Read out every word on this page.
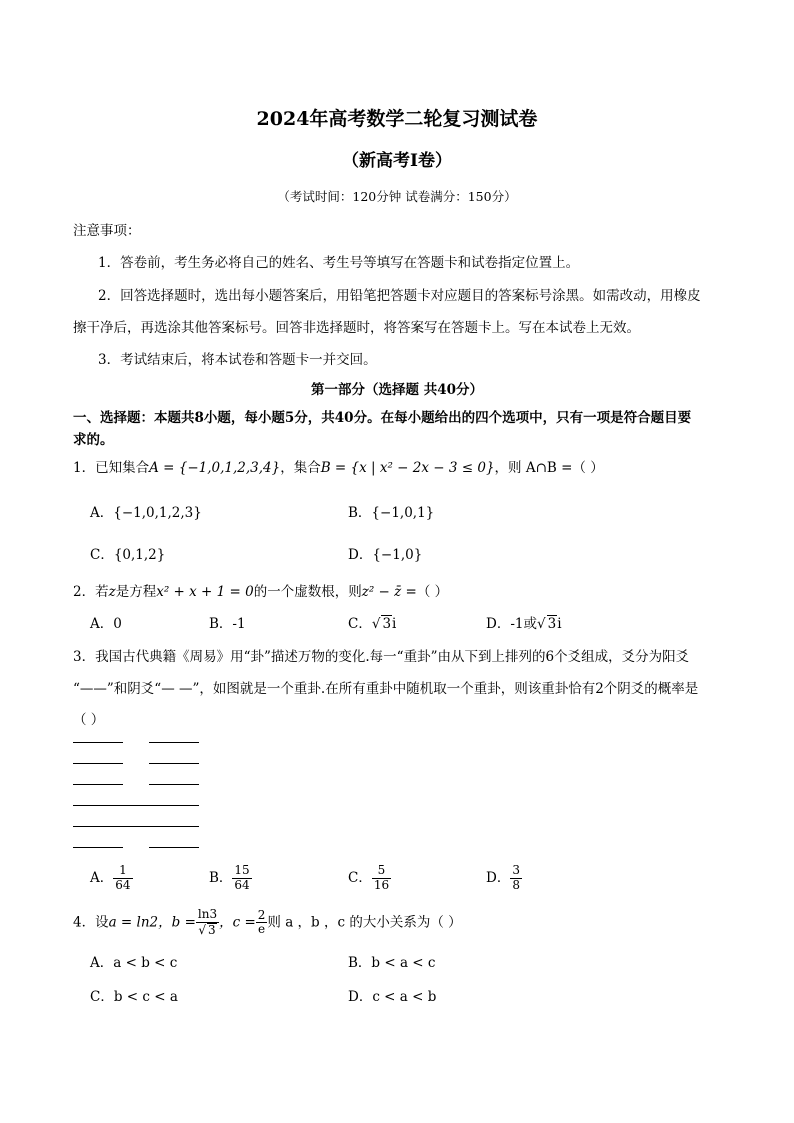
2024年高考数学二轮复习测试卷
（新高考Ⅰ卷）
（考试时间：120分钟 试卷满分：150分）
注意事项：
1．答卷前，考生务必将自己的姓名、考生号等填写在答题卡和试卷指定位置上。
2．回答选择题时，选出每小题答案后，用铅笔把答题卡对应题目的答案标号涂黑。如需改动，用橡皮
擦干净后，再选涂其他答案标号。回答非选择题时，将答案写在答题卡上。写在本试卷上无效。
3．考试结束后，将本试卷和答题卡一并交回。
第一部分（选择题 共40分）
一、选择题：本题共8小题，每小题5分，共40分。在每小题给出的四个选项中，只有一项是符合题目要
求的。
1．已知集合A = {−1,0,1,2,3,4}，集合B = {x | x² − 2x − 3 ≤ 0}，则 A∩B =（ ）
A．{−1,0,1,2,3}	B．{−1,0,1}
C．{0,1,2}	D．{−1,0}
2．若z是方程x² + x + 1 = 0的一个虚数根，则z² − z̄ =（ ）
A．0	B．-1	C．√ 3i	D．-1或√ 3i
3．我国古代典籍《周易》用“卦”描述万物的变化.每一“重卦”由从下到上排列的6个爻组成，爻分为阳爻
“——”和阴爻“— —”，如图就是一个重卦.在所有重卦中随机取一个重卦，则该重卦恰有2个阴爻的概率是
（ ）
A． $\frac{1}{64}$	B． $\frac{15}{64}$	C． $\frac{5}{16}$	D． $\frac{3}{8}$
4．设a = ln2，$b = \frac{\ln 3}{√ 3}$ ，$c = \frac{2}{e}$ 则 a ，b ，c 的大小关系为（ ）
A．a < b < c	B．b < a < c
C．b < c < a	D．c < a < b
